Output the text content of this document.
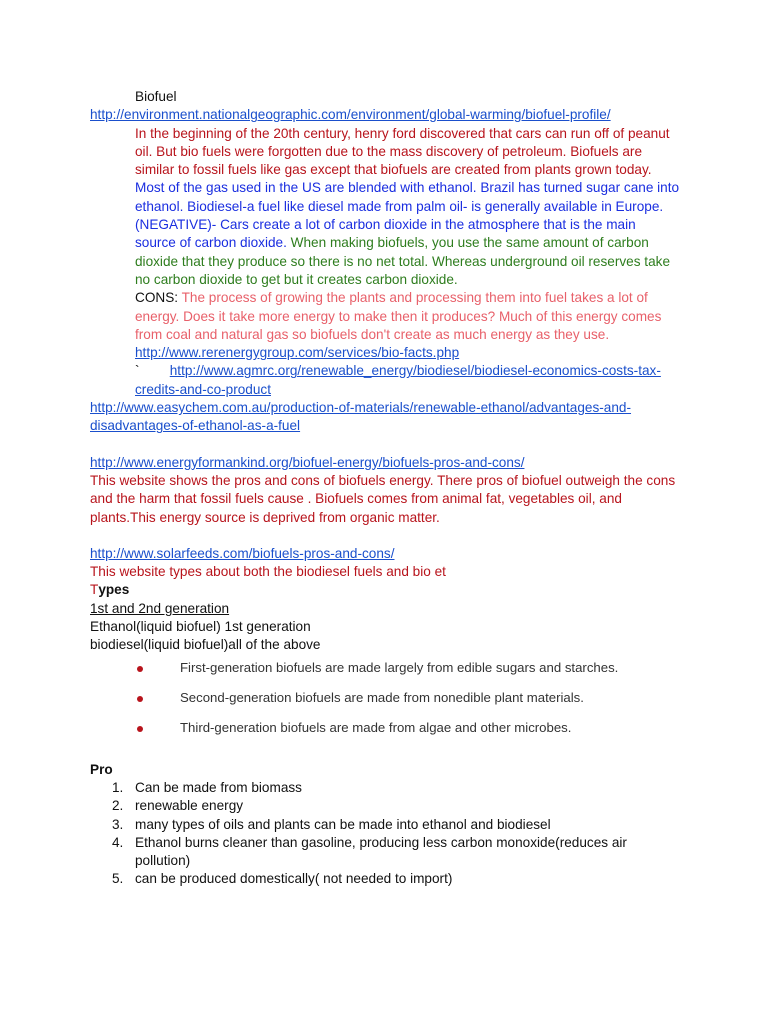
Biofuel

http://environment.nationalgeographic.com/environment/global-warming/biofuel-profile/

In the beginning of the 20th century, henry ford discovered that cars can run off of peanut oil. But bio fuels were forgotten due to the mass discovery of petroleum. Biofuels are similar to fossil fuels like gas except that biofuels are created from plants grown today. Most of the gas used in the US are blended with ethanol. Brazil has turned sugar cane into ethanol. Biodiesel-a fuel like diesel made from palm oil- is generally available in Europe. (NEGATIVE)- Cars create a lot of carbon dioxide in the atmosphere that is the main source of carbon dioxide. When making biofuels, you use the same amount of carbon dioxide that they produce so there is no net total. Whereas underground oil reserves take no carbon dioxide to get but it creates carbon dioxide.

CONS: The process of growing the plants and processing them into fuel takes a lot of energy. Does it take more energy to make then it produces? Much of this energy comes from coal and natural gas so biofuels don't create as much energy as they use.

http://www.rerenergygroup.com/services/bio-facts.php

` http://www.agmrc.org/renewable_energy/biodiesel/biodiesel-economics-costs-tax-credits-and-co-product

http://www.easychem.com.au/production-of-materials/renewable-ethanol/advantages-and-disadvantages-of-ethanol-as-a-fuel

http://www.energyformankind.org/biofuel-energy/biofuels-pros-and-cons/

This website shows the pros and cons of biofuels energy. There pros of biofuel outweigh the cons and the harm that fossil fuels cause . Biofuels comes from animal fat, vegetables oil, and plants.This energy source is deprived from organic matter.

http://www.solarfeeds.com/biofuels-pros-and-cons/

This website types about both the biodiesel fuels and bio et

Types

1st and 2nd generation

Ethanol(liquid biofuel) 1st generation

biodiesel(liquid biofuel)all of the above

First-generation biofuels are made largely from edible sugars and starches.
Second-generation biofuels are made from nonedible plant materials.
Third-generation biofuels are made from algae and other microbes.

Pro

1. Can be made from biomass
2. renewable energy
3. many types of oils and plants can be made into ethanol and biodiesel
4. Ethanol burns cleaner than gasoline, producing less carbon monoxide(reduces air pollution)
5. can be produced domestically( not needed to import)
